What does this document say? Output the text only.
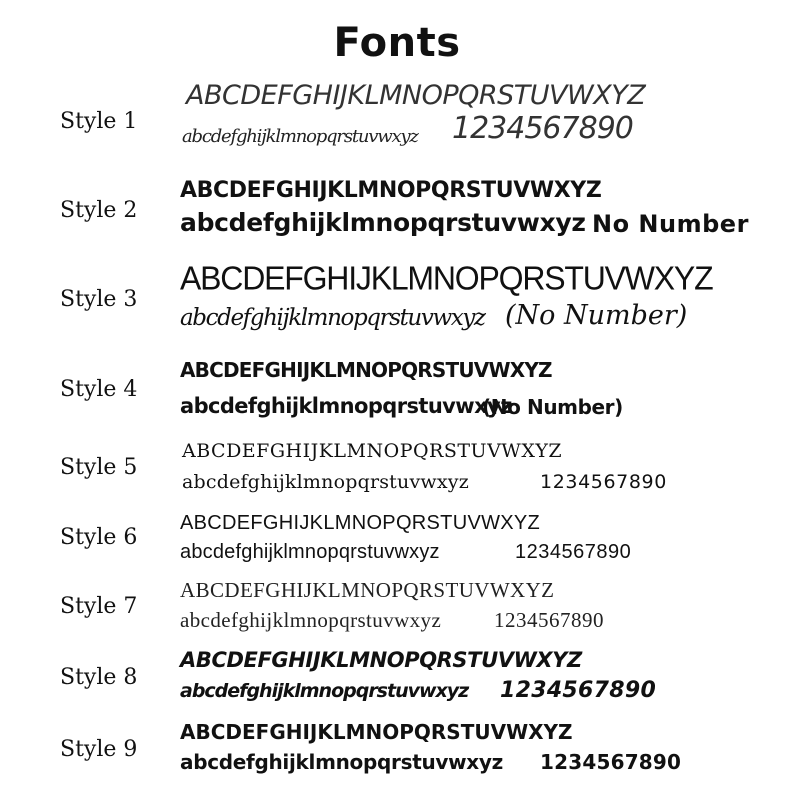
Fonts
Style 1
ABCDEFGHIJKLMNOPQRSTUVWXYZ
abcdefghijklmnopqrstuvwxyz 1234567890
Style 2
ABCDEFGHIJKLMNOPQRSTUVWXYZ
abcdefghijklmnopqrstuvwxyz No Number
Style 3
ABCDEFGHIJKLMNOPQRSTUVWXYZ
abcdefghijklmnopqrstuvwxyz (No Number)
Style 4
ABCDEFGHIJKLMNOPQRSTUVWXYZ
abcdefghijklmnopqrstuvwxyz
(No Number)
Style 5
ABCDEFGHIJKLMNOPQRSTUVWXYZ
abcdefghijklmnopqrstuvwxyz	1234567890
Style 6
ABCDEFGHIJKLMNOPQRSTUVWXYZ
abcdefghijklmnopqrstuvwxyz	1234567890
Style 7
ABCDEFGHIJKLMNOPQRSTUVWXYZ
abcdefghijklmnopqrstuvwxyz	1234567890
Style 8
ABCDEFGHIJKLMNOPQRSTUVWXYZ
abcdefghijklmnopqrstuvwxyz 1234567890
Style 9
ABCDEFGHIJKLMNOPQRSTUVWXYZ
abcdefghijklmnopqrstuvwxyz 1234567890
